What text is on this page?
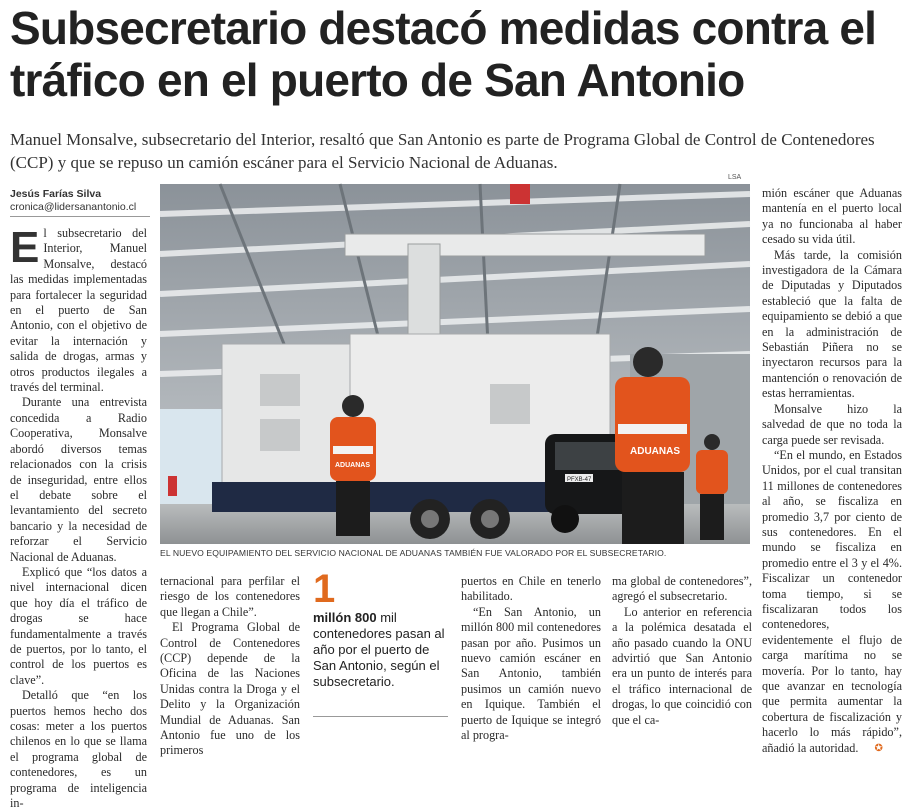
Subsecretario destacó medidas contra el tráfico en el puerto de San Antonio

Manuel Monsalve, subsecretario del Interior, resaltó que San Antonio es parte de Programa Global de Control de Contenedores (CCP) y que se repuso un camión escáner para el Servicio Nacional de Aduanas.

Jesús Farías Silva
cronica@lidersanantonio.cl

El subsecretario del Interior, Manuel Monsalve, destacó las medidas implementadas para fortalecer la seguridad en el puerto de San Antonio, con el objetivo de evitar la internación y salida de drogas, armas y otros productos ilegales a través del terminal.

Durante una entrevista concedida a Radio Cooperativa, Monsalve abordó diversos temas relacionados con la crisis de inseguridad, entre ellos el debate sobre el levantamiento del secreto bancario y la necesidad de reforzar el Servicio Nacional de Aduanas.

Explicó que “los datos a nivel internacional dicen que hoy día el tráfico de drogas se hace fundamentalmente a través de puertos, por lo tanto, el control de los puertos es clave”.

Detalló que “en los puertos hemos hecho dos cosas: meter a los puertos chilenos en lo que se llama el programa global de contenedores, es un programa de inteligencia in-

LSA
PFXB-47
ADUANAS
ADUANAS
EL NUEVO EQUIPAMIENTO DEL SERVICIO NACIONAL DE ADUANAS TAMBIÉN FUE VALORADO POR EL SUBSECRETARIO.

ternacional para perfilar el riesgo de los contenedores que llegan a Chile”.

El Programa Global de Control de Contenedores (CCP) depende de la Oficina de las Naciones Unidas contra la Droga y el Delito y la Organización Mundial de Aduanas. San Antonio fue uno de los primeros

1
millón 800 mil contenedores pasan al año por el puerto de San Antonio, según el subsecretario.

puertos en Chile en tenerlo habilitado.

“En San Antonio, un millón 800 mil contenedores pasan por año. Pusimos un nuevo camión escáner en San Antonio, también pusimos un camión nuevo en Iquique. También el puerto de Iquique se integró al progra-

ma global de contenedores”, agregó el subsecretario.

Lo anterior en referencia a la polémica desatada el año pasado cuando la ONU advirtió que San Antonio era un punto de interés para el tráfico internacional de drogas, lo que coincidió con que el ca-

mión escáner que Aduanas mantenía en el puerto local ya no funcionaba al haber cesado su vida útil.

Más tarde, la comisión investigadora de la Cámara de Diputadas y Diputados estableció que la falta de equipamiento se debió a que en la administración de Sebastián Piñera no se inyectaron recursos para la mantención o renovación de estas herramientas.

Monsalve hizo la salvedad de que no toda la carga puede ser revisada.

“En el mundo, en Estados Unidos, por el cual transitan 11 millones de contenedores al año, se fiscaliza en promedio 3,7 por ciento de sus contenedores. En el mundo se fiscaliza en promedio entre el 3 y el 4%. Fiscalizar un contenedor toma tiempo, si se fiscalizaran todos los contenedores, evidentemente el flujo de carga marítima no se movería. Por lo tanto, hay que avanzar en tecnología que permita aumentar la cobertura de fiscalización y hacerlo lo más rápido”, añadió la autoridad. ✪
